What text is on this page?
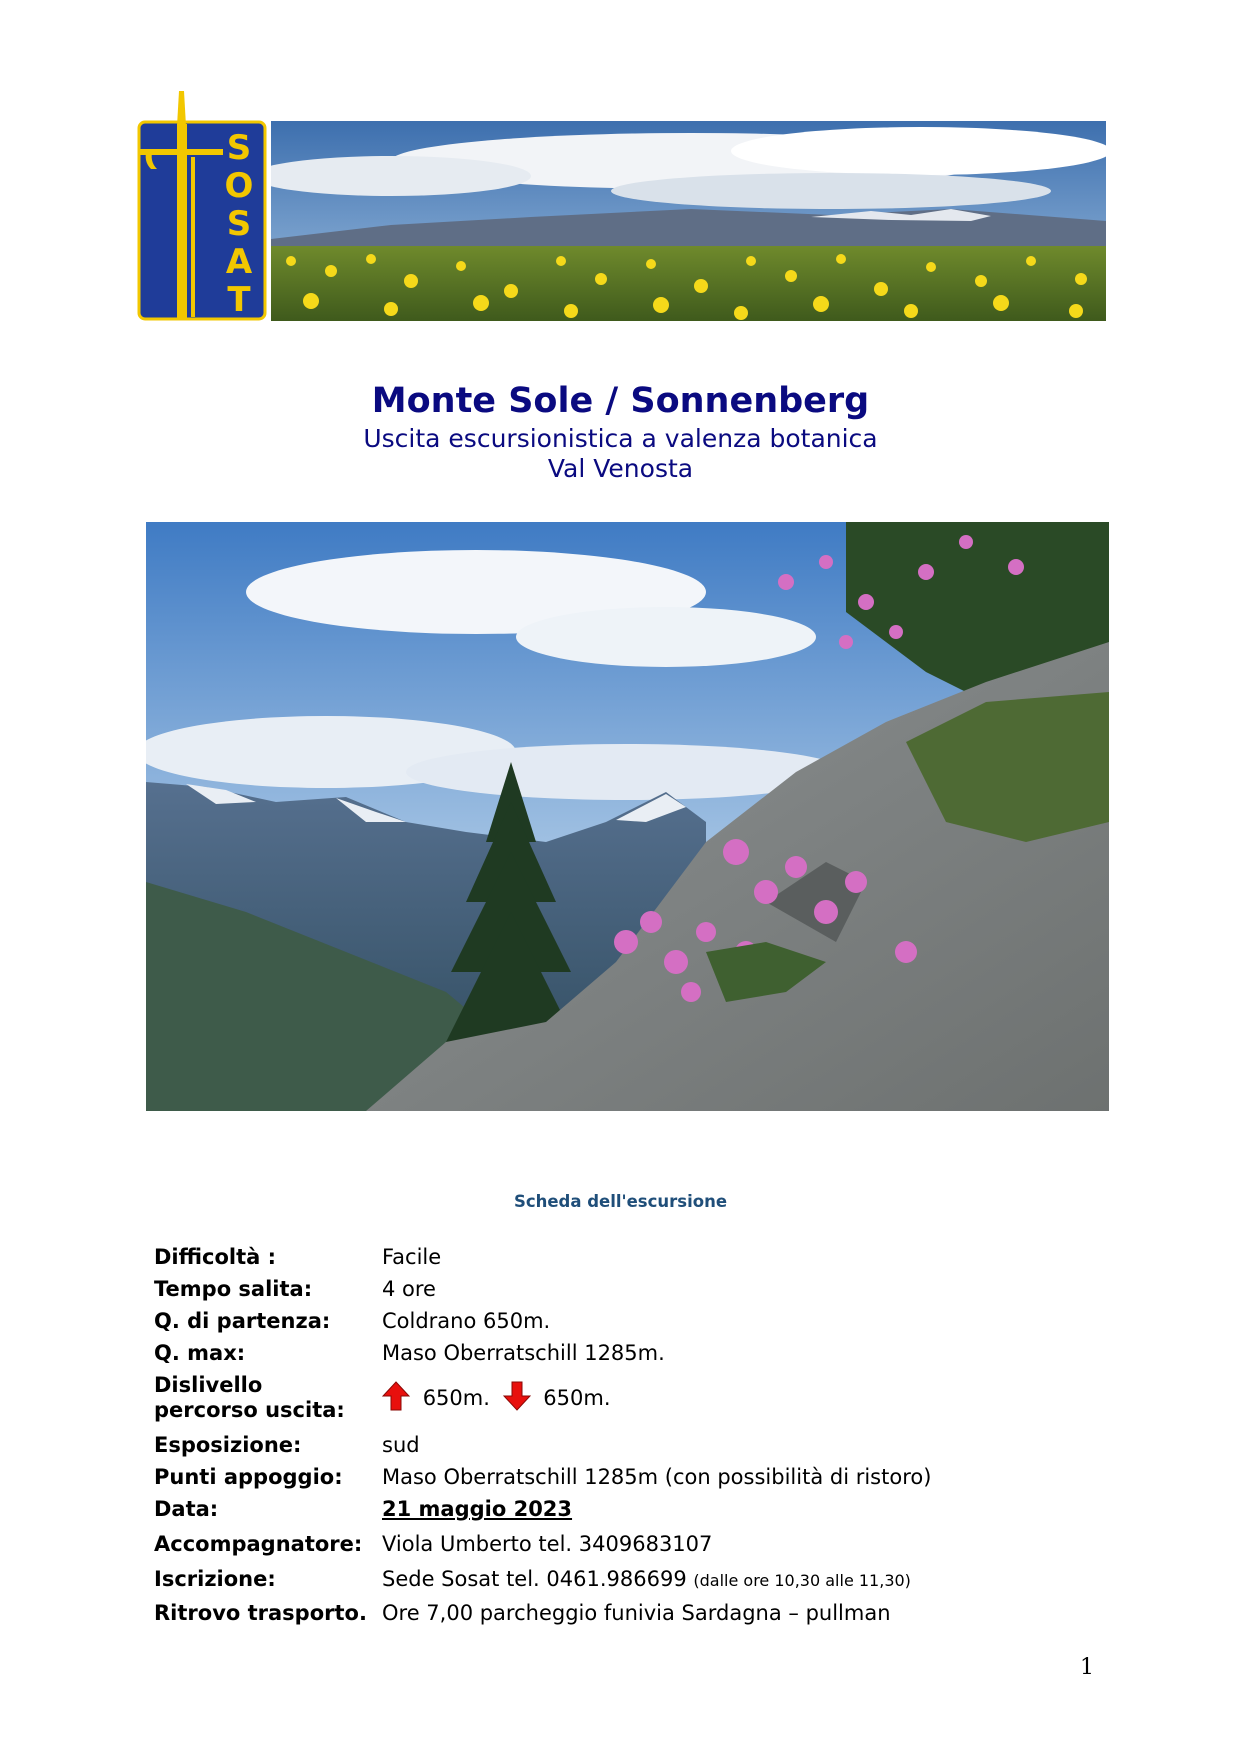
S
O
S
A
T
Monte Sole / Sonnenberg
Uscita escursionistica a valenza botanica
Val Venosta
Scheda dell'escursione
Difficoltà :	Facile
Tempo salita:	4 ore
Q. di partenza: Coldrano 650m.
Q. max:	Maso Oberratschill 1285m.
Dislivello
percorso uscita:	650m.	650m.
Esposizione:	sud
Punti appoggio: Maso Oberratschill 1285m (con possibilità di ristoro)
Data:	21 maggio 2023
Accompagnatore: Viola Umberto tel. 3409683107
Iscrizione:	Sede Sosat tel. 0461.986699 (dalle ore 10,30 alle 11,30)
Ritrovo trasporto. Ore 7,00 parcheggio funivia Sardagna – pullman
1
